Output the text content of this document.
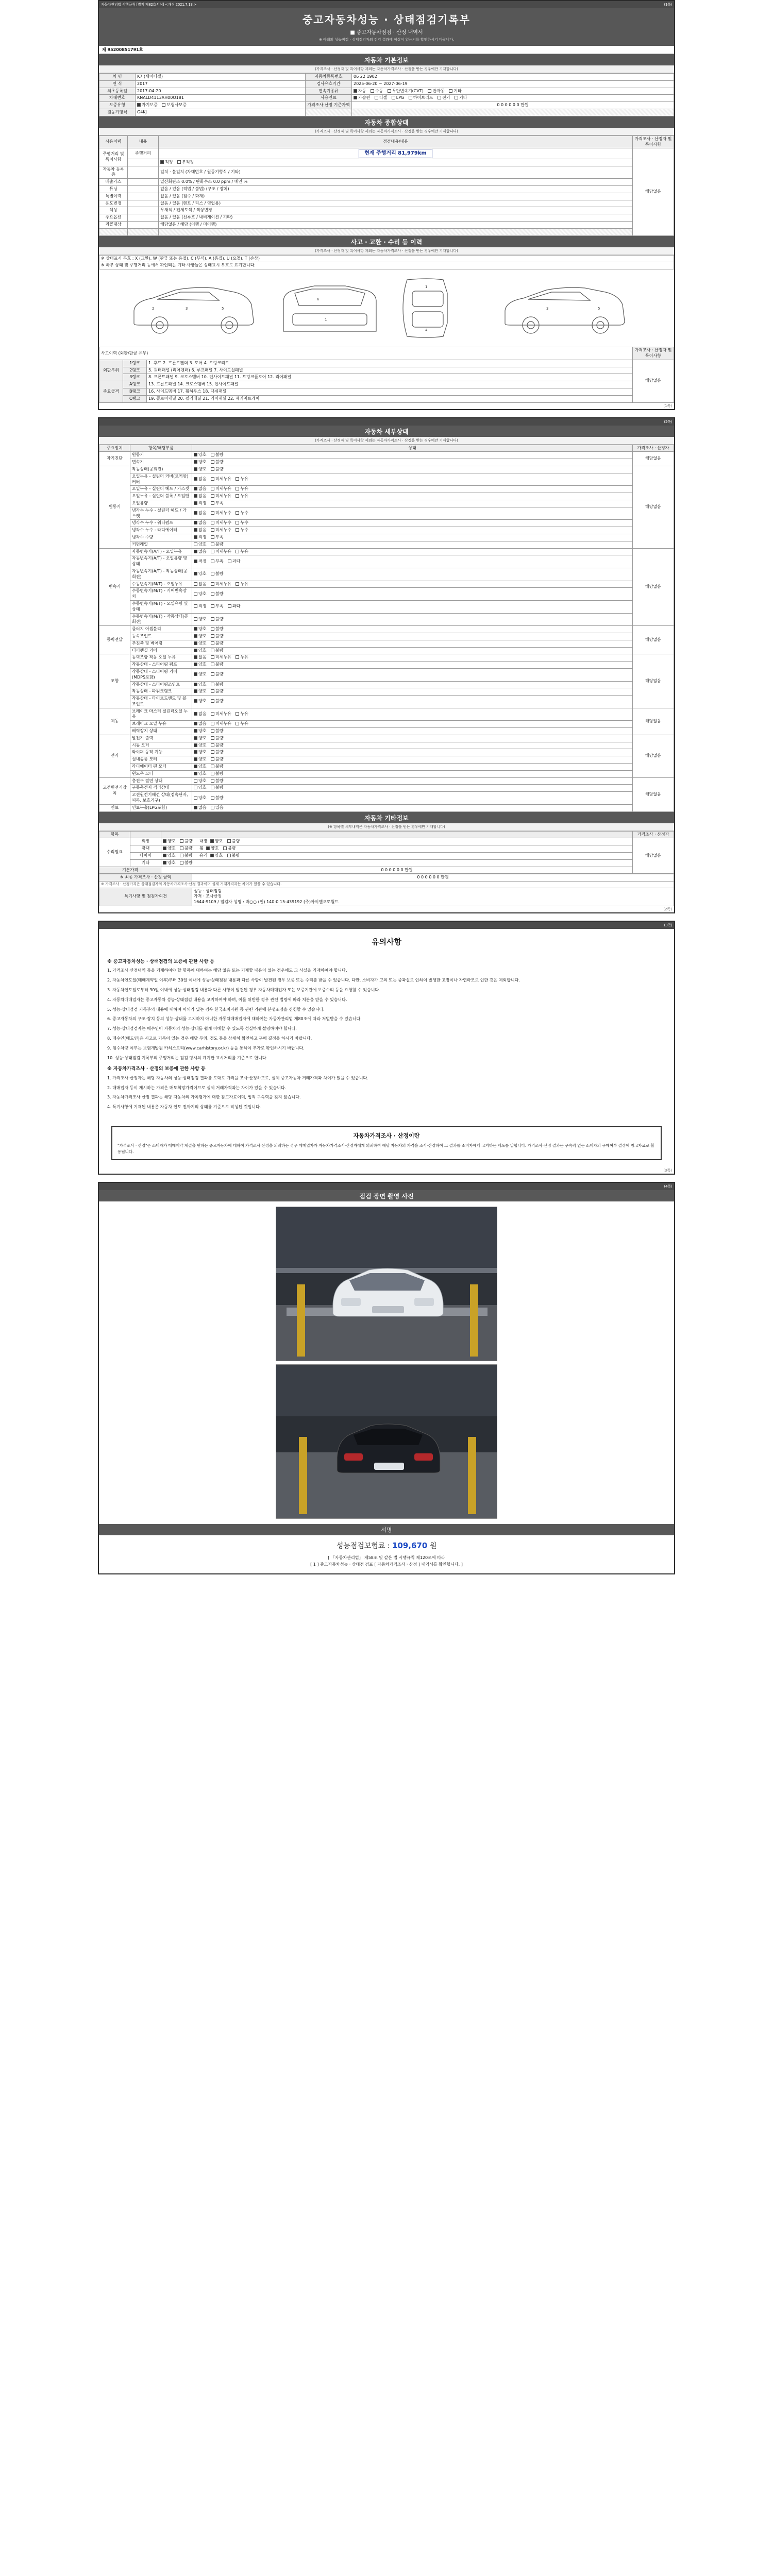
자동차관리법 시행규칙 [별지 제82호서식] <개정 2021.7.13.>	(1쪽)
중고자동차성능 · 상태점검기록부
■ 중고자동차점검 · 산정 내역서
※ 아래의 성능점검 · 상태점검자의 점검 결과에 이상이 있는지를 확인하시기 바랍니다.
제 95200851791호
자동차 기본정보
(가격조사 · 산정자 및 특이사항 제외는 자동차가격조사 · 산정을 받는 경우에만 기재합니다)
차 명	K7 (세미디젤)	자동차등록번호	06 22 1902
연 식	2017	검사유효기간	2025-06-20 ~ 2027-06-19
최초등록일	2017-04-20	변속기종류	자동 수동 무단변속기(CVT) 반자동 기타
차대번호	KNALD4113AH00O181	사용연료	가솔린 디젤 LPG 하이브리드 전기 기타
보증유형	자기보증 보험사보증	가격조사·산정 기준가액	0 0 0 0 0 0 만원
원동기형식	G4KJ		
자동차 종합상태
(가격조사 · 산정자 및 특이사항 제외는 자동차가격조사 · 산정을 받는 경우에만 기재합니다)
사용이력	내용	점검내용/내용	가격조사 · 산정자 및 특이사항
주행거리 및 특이사항	주행거리	현재 주행거리 81,979km	해당없음
		적정 부적정	
자동차 등록증		일치 · 불일치 (차대번호 / 원동기형식 / 기타)	
배출가스		일산화탄소 0.0% / 탄화수소 0.0 ppm / 매연 %	
튜닝		없음 / 있음 (적법 / 불법) (구조 / 장치)	
특별이력		없음 / 있음 (침수 / 화재)	
용도변경		없음 / 있음 (렌트 / 리스 / 영업용)	
색상		무채색 / 전체도색 / 색상변경	
주요옵션		없음 / 있음 (선루프 / 내비게이션 / 기타)	
리콜대상		해당없음 / 해당 (이행 / 미이행)	

사고 · 교환 · 수리 등 이력
(가격조사 · 산정자 및 특이사항 제외는 자동차가격조사 · 산정을 받는 경우에만 기재합니다)
※ 상태표시 부호 : X (교환), W (판금 또는 용접), C (부식), A (흠집), U (요철), T (손상)
※ 하부 상태 및 주행거리 등에서 확인되는 기타 사항들은 상태표시 부호로 표기합니다.
2	3	5
6
1
1
4
3	5
사고이력 (외판/판금 유무)			가격조사 · 산정자 및 특이사항
외판부위	1랭크	1. 후드 2. 프론트펜더 3. 도어 4. 트렁크리드	해당없음
	2랭크	5. 쿼터패널 (리어펜더) 6. 루프패널 7. 사이드실패널	
	3랭크	8. 프론트패널 9. 크로스멤버 10. 인사이드패널 11. 트렁크플로어 12. 리어패널	
주요골격	A랭크	13. 프론트패널 14. 크로스멤버 15. 인사이드패널	
	B랭크	16. 사이드멤버 17. 휠하우스 18. 대쉬패널	
	C랭크	19. 플로어패널 20. 필러패널 21. 리어패널 22. 패키지트레이	
(1쪽)

(2쪽)
자동차 세부상태
(가격조사 · 산정자 및 특이사항 제외는 자동차가격조사 · 산정을 받는 경우에만 기재합니다)
주요장치	항목/해당부품	상태	가격조사 · 산정자
자기진단	원동기	양호 불량	해당없음
	변속기	양호 불량	
원동기	작동상태(공회전)	양호 불량	해당없음
	오일누유 - 실린더 커버(로커암) 커버	없음 미세누유 누유	
	오일누유 - 실린더 헤드 / 가스켓	없음 미세누유 누유	
	오일누유 - 실린더 블록 / 오일팬	없음 미세누유 누유	
	오일유량	적정 부족	
	냉각수 누수 - 실린더 헤드 / 가스켓	없음 미세누수 누수	
	냉각수 누수 - 워터펌프	없음 미세누수 누수	
	냉각수 누수 - 라디에이터	없음 미세누수 누수	
	냉각수 수량	적정 부족	
	커먼레일	양호 불량	
변속기	자동변속기(A/T) - 오일누유	없음 미세누유 누유	해당없음
	자동변속기(A/T) - 오일유량 및 상태	적정 부족 과다	
	자동변속기(A/T) - 작동상태(공회전)	양호 불량	
	수동변속기(M/T) - 오일누유	없음 미세누유 누유	
	수동변속기(M/T) - 기어변속장치	양호 불량	
	수동변속기(M/T) - 오일유량 및 상태	적정 부족 과다	
	수동변속기(M/T) - 작동상태(공회전)	양호 불량	
동력전달	클러치 어셈블리	양호 불량	해당없음
	등속조인트	양호 불량	
	추진축 및 베어링	양호 불량	
	디퍼렌셜 기어	양호 불량	
조향	동력조향 작동 오일 누유	없음 미세누유 누유	해당없음
	작동상태 - 스티어링 펌프	양호 불량	
	작동상태 - 스티어링 기어(MDPS포함)	양호 불량	
	작동상태 - 스티어링조인트	양호 불량	
	작동상태 - 파워크랭크	양호 불량	
	작동상태 - 타이로드엔드 및 볼 조인트	양호 불량	
제동	브레이크 마스터 실린더오일 누유	없음 미세누유 누유	해당없음
	브레이크 오일 누유	없음 미세누유 누유	
	배력장치 상태	양호 불량	
전기	발전기 출력	양호 불량	해당없음
	시동 모터	양호 불량	
	와이퍼 동작 기능	양호 불량	
	실내송풍 모터	양호 불량	
	라디에이터 팬 모터	양호 불량	
	윈도우 모터	양호 불량	
고전원전기장치	충전구 절연 상태	양호 불량	해당없음
	구동축전지 격리상태	양호 불량	
	고전원전기배선 상태(접속단자, 피복, 보호기구)	양호 불량	
연료	연료누출(LPG포함)	없음 있음	
자동차 기타정보
(※ 항목별 세부내역은 자동차가격조사 · 산정을 받는 경우에만 기재합니다)
항목			가격조사 · 산정자
수리필요	외장	양호 불량 내장 양호 불량	해당없음
	광택	양호 불량 휠 양호 불량	
	타이어	양호 불량 유리 양호 불량	
	기타	양호 불량	
기본가격		0 0 0 0 0 0 만원	
※ 최종 가격조사 · 산정 금액	0 0 0 0 0 0 만원
※ 가격조사 · 산정가격은 상태점검자의 자동차가격조사·산정 결과이며 실제 거래가격과는 차이가 있을 수 있습니다.	
특기사항 및 점검자의견	성능 · 상태점검
가격 · 조사산정
1644-9109 / 점검자 성명 : 박○○ (인) 140-0 15-439192 (주)아이엔오토월드
(2쪽)

(3쪽)
유의사항
※ 중고자동차성능 · 상태점검의 보증에 관한 사항 등

1. 가격조사·산정내역 등을 기재하여야 할 항목에 대하여는 해당 없음 또는 기재할 내용이 없는 경우에도 그 사실을 기재하여야 합니다.

2. 자동차인도일(매매계약일 이후)부터 30일 이내에 성능·상태점검 내용과 다른 사항이 발견된 경우 보증 또는 수리를 받을 수 있습니다. 다만, 소비자가 고의 또는 중과실로 인하여 발생한 고장이나 자연마모로 인한 것은 제외합니다.

3. 자동차인도일로부터 30일 이내에 성능·상태점검 내용과 다른 사항이 발견된 경우 자동차매매업자 또는 보증기관에 보증수리 등을 요청할 수 있습니다.

4. 자동차매매업자는 중고자동차 성능·상태점검 내용을 고지하여야 하며, 이를 위반한 경우 관련 법령에 따라 처분을 받을 수 있습니다.

5. 성능·상태점검 기록부의 내용에 대하여 이의가 있는 경우 한국소비자원 등 관련 기관에 분쟁조정을 신청할 수 있습니다.

6. 중고자동차의 구조·장치 등의 성능·상태를 고지하지 아니한 자동차매매업자에 대하여는 자동차관리법 제80조에 따라 처벌받을 수 있습니다.

7. 성능·상태점검자는 매수인이 자동차의 성능·상태를 쉽게 이해할 수 있도록 성실하게 설명하여야 합니다.

8. 매수인(매도인)은 시고로 기록이 있는 경우 해당 부위, 정도 등을 상세히 확인하고 구매 결정을 하시기 바랍니다.

9. 침수차량 여부는 보험개발원 카히스토리(www.carhistory.or.kr) 등을 통하여 추가로 확인하시기 바랍니다.

10. 성능·상태점검 기록부의 주행거리는 점검 당시의 계기판 표시거리를 기준으로 합니다.

※ 자동차가격조사 · 산정의 보증에 관한 사항 등

1. 가격조사·산정자는 해당 자동차의 성능·상태점검 결과를 토대로 가격을 조사·산정하므로, 실제 중고자동차 거래가격과 차이가 있을 수 있습니다.

2. 매매업자 등이 제시하는 가격은 매도희망가격이므로 실제 거래가격과는 차이가 있을 수 있습니다.

3. 자동차가격조사·산정 결과는 해당 자동차의 가치평가에 대한 참고자료이며, 법적 구속력을 갖지 않습니다.

4. 특기사항에 기재된 내용은 자동차 인도 전까지의 상태를 기준으로 작성된 것입니다.

자동차가격조사 · 산정이란

"가격조사 · 산정"은 소비자가 매매계약 체결을 원하는 중고자동차에 대하여 가격조사·산정을 의뢰하는 경우 매매업자가 자동차가격조사·산정자에게 의뢰하여 해당 자동차의 가격을 조사·산정하여 그 결과를 소비자에게 고지하는 제도를 말합니다. 가격조사·산정 결과는 구속력 없는 소비자의 구매여부 결정에 참고자료로 활용됩니다.

(3쪽)

(4쪽)
점검 장면 촬영 사진
서명
성능점검보험료 : 109,670 원
[ 「자동차관리법」 제58조 및 같은 법 시행규칙 제120조에 따라
[ 1 ] 중고자동차성능 · 상태점 검표 [ 자동차가격조사 · 산정 ] 내역서를 확인합니다. ]
